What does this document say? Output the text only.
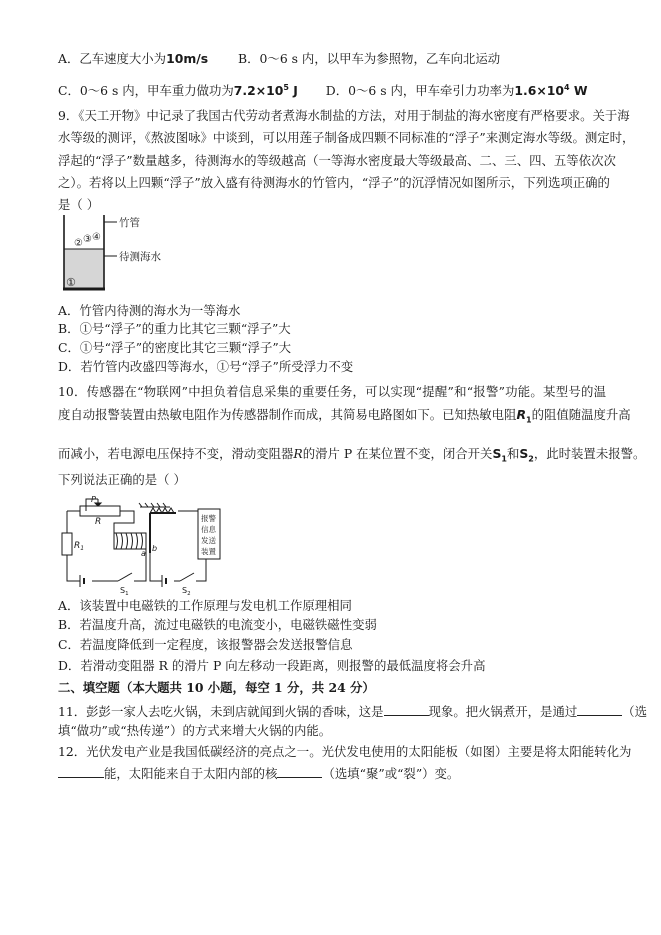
A．乙车速度大小为10m/s B．0～6 s 内，以甲车为参照物，乙车向北运动
C．0～6 s 内，甲车重力做功为$7.2\times 10^5$ J D．0～6 s 内，甲车牵引力功率为$1.6\times 10^4$ W
9．《天工开物》中记录了我国古代劳动者煮海水制盐的方法，对用于制盐的海水密度有严格要求。关于海
水等级的测评，《熬波图咏》中谈到，可以用莲子制备成四颗不同标准的“浮子”来测定海水等级。测定时，
浮起的“浮子”数量越多，待测海水的等级越高（一等海水密度最大等级最高、二、三、四、五等依次次
之）。若将以上四颗“浮子”放入盛有待测海水的竹管内，“浮子”的沉浮情况如图所示，下列选项正确的
是（ ）
② ③ ④
①
竹管
待测海水
A．竹管内待测的海水为一等海水
B．①号“浮子”的重力比其它三颗“浮子”大
C．①号“浮子”的密度比其它三颗“浮子”大
D．若竹管内改盛四等海水，①号“浮子”所受浮力不变
10．传感器在“物联网”中担负着信息采集的重要任务，可以实现“提醒”和“报警”功能。某型号的温
度自动报警装置由热敏电阻作为传感器制作而成，其简易电路图如下。已知热敏电阻$R_1$的阻值随温度升高
而减小，若电源电压保持不变，滑动变阻器R的滑片 P 在某位置不变，闭合开关$S_1$和$S_2$，此时装置未报警。
下列说法正确的是（ ）
P
R
$R_1$
a
b
$S_1$	$S_2$
报警
信息
发送
装置
A．该装置中电磁铁的工作原理与发电机工作原理相同
B．若温度升高，流过电磁铁的电流变小，电磁铁磁性变弱
C．若温度降低到一定程度，该报警器会发送报警信息
D．若滑动变阻器 R 的滑片 P 向左移动一段距离，则报警的最低温度将会升高
二、填空题（本大题共 10 小题，每空 1 分，共 24 分）
11．彭彭一家人去吃火锅，未到店就闻到火锅的香味，这是	现象。把火锅煮开，是通过	（选
填“做功”或“热传递”）的方式来增大火锅的内能。
12．光伏发电产业是我国低碳经济的亮点之一。光伏发电使用的太阳能板（如图）主要是将太阳能转化为
能，太阳能来自于太阳内部的核	（选填“聚”或“裂”）变。
